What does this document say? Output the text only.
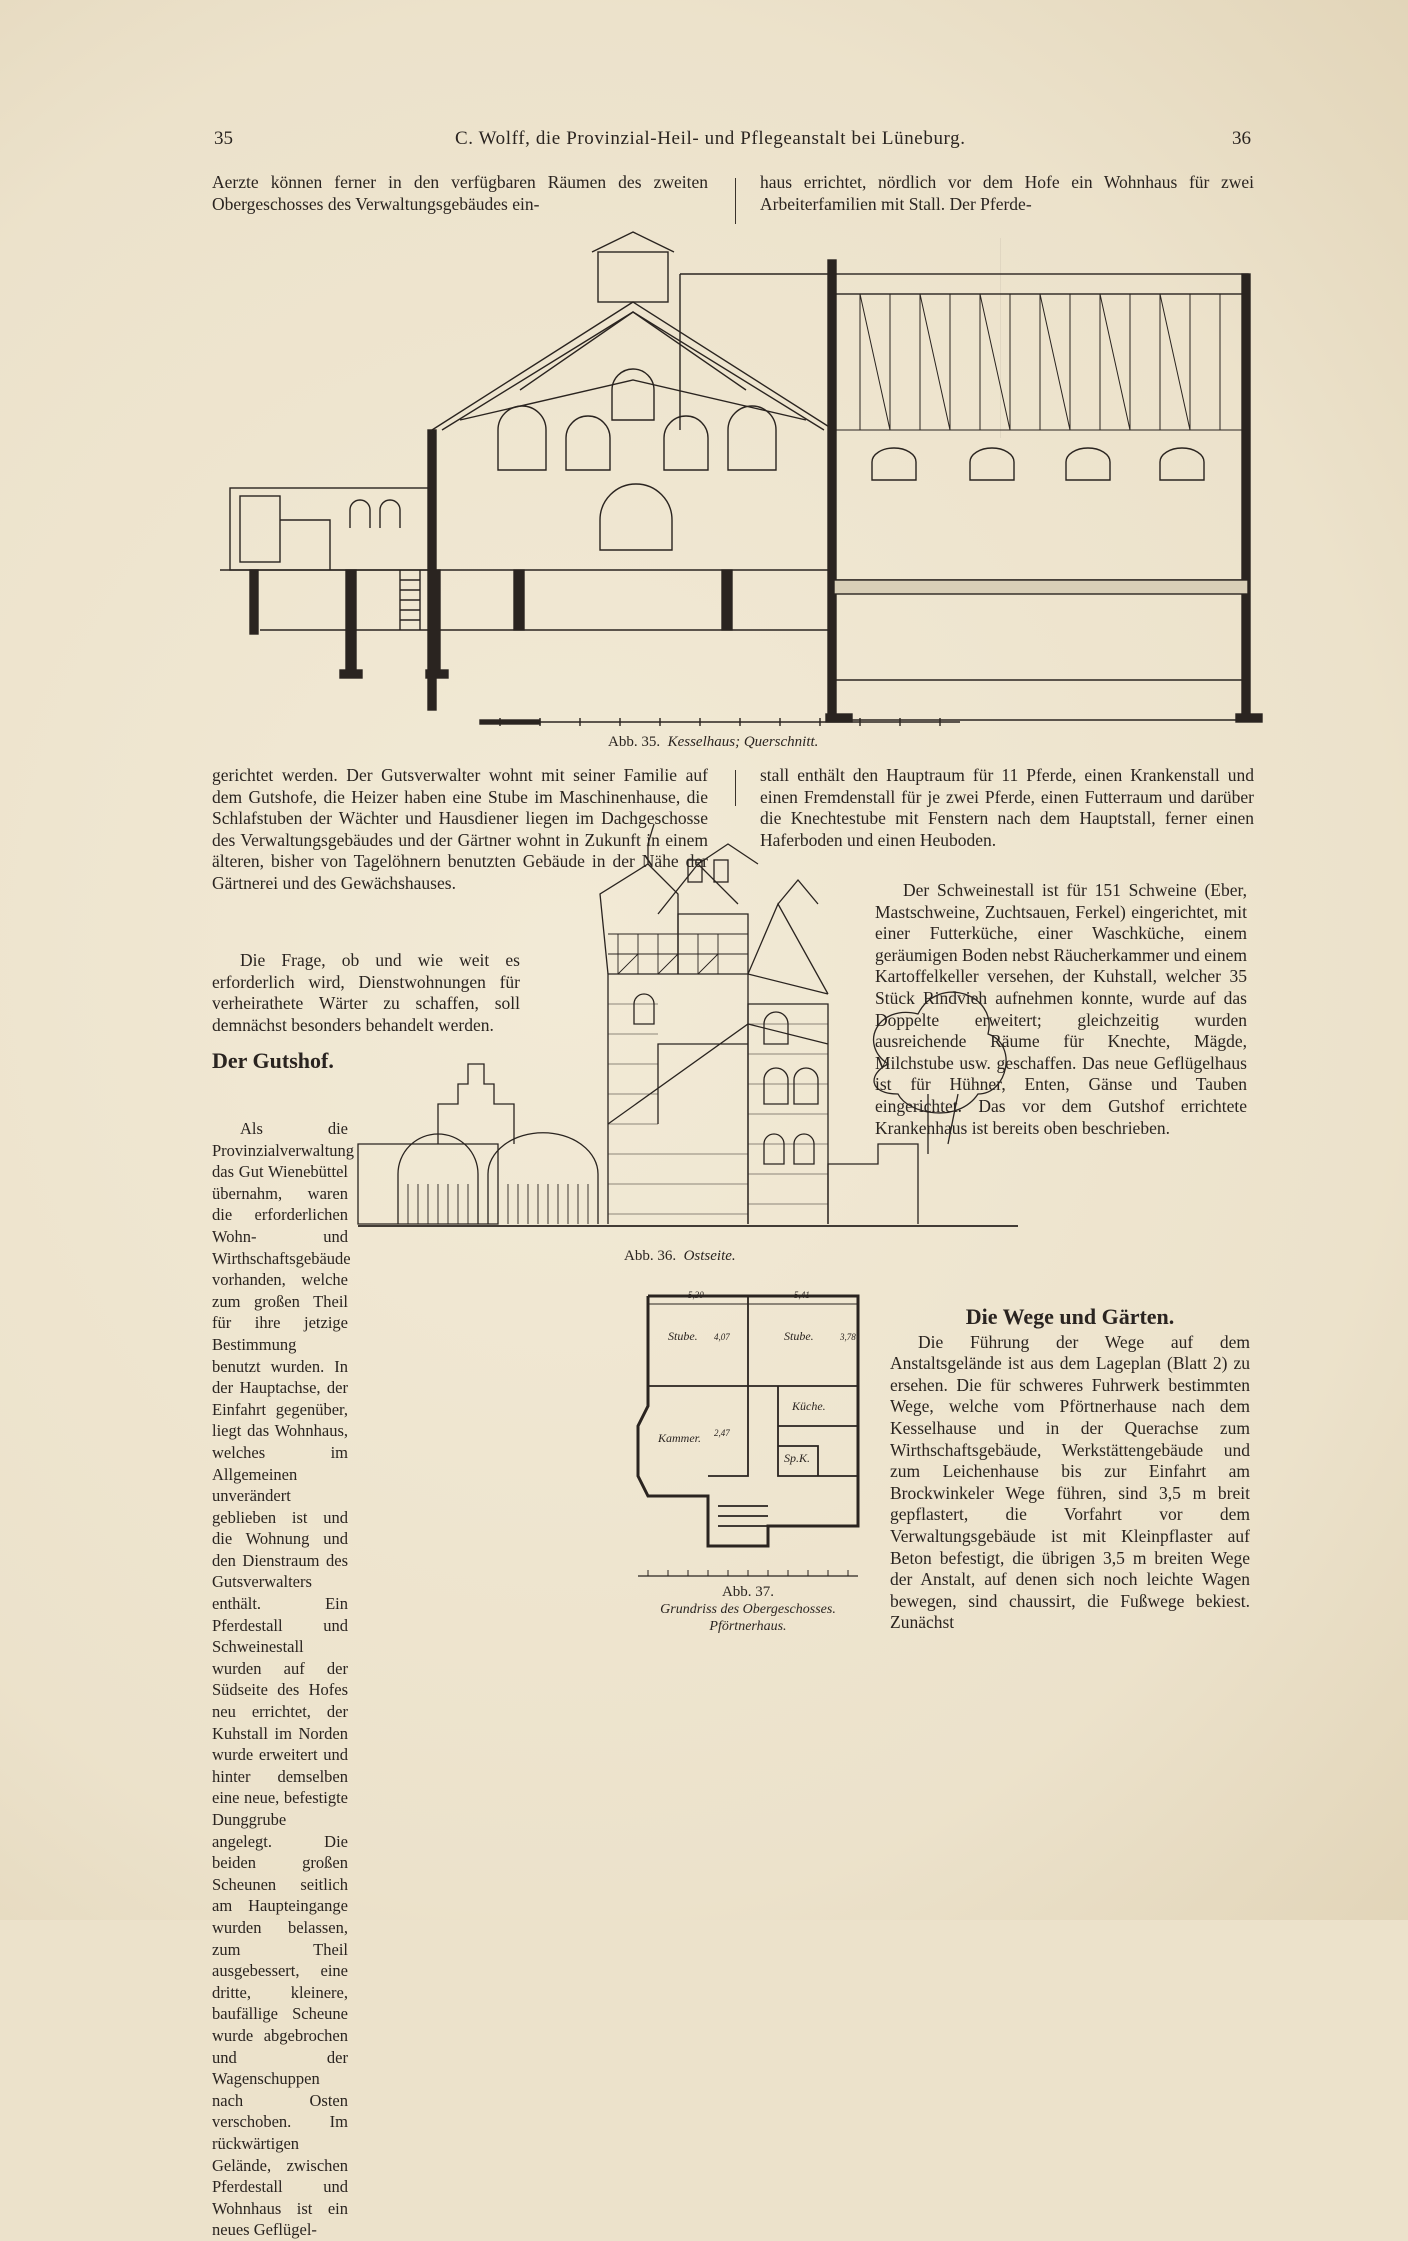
35	C. Wolff, die Provinzial-Heil- und Pflegeanstalt bei Lüneburg.	36

Aerzte können ferner in den verfügbaren Räumen des zweiten Obergeschosses des Verwaltungsgebäudes ein-

haus errichtet, nördlich vor dem Hofe ein Wohnhaus für zwei Arbeiterfamilien mit Stall. Der Pferde-

Abb. 35. Kesselhaus; Querschnitt.

gerichtet werden. Der Gutsverwalter wohnt mit seiner Familie auf dem Gutshofe, die Heizer haben eine Stube im Maschinenhause, die Schlafstuben der Wächter und Hausdiener liegen im Dachgeschosse des Verwaltungsgebäudes und der Gärtner wohnt in Zukunft in einem älteren, bisher von Tagelöhnern benutzten Gebäude in der Nähe der Gärtnerei und des Gewächshauses.

stall enthält den Hauptraum für 11 Pferde, einen Krankenstall und einen Fremdenstall für je zwei Pferde, einen Futterraum und darüber die Knechtestube mit Fenstern nach dem Hauptstall, ferner einen Haferboden und einen Heuboden.

Die Frage, ob und wie weit es erforderlich wird, Dienstwohnungen für verheirathete Wärter zu schaffen, soll demnächst besonders behandelt werden.

Der Gutshof.

Als die Provinzialverwaltung das Gut Wienebüttel übernahm, waren die erforderlichen Wohn- und Wirthschaftsgebäude vorhanden, welche zum großen Theil für ihre jetzige Bestimmung benutzt wurden. In der Hauptachse, der Einfahrt gegenüber, liegt das Wohnhaus, welches im Allgemeinen unverändert geblieben ist und die Wohnung und den Dienstraum des Gutsverwalters enthält. Ein Pferdestall und Schweinestall wurden auf der Südseite des Hofes neu errichtet, der Kuhstall im Norden wurde erweitert und hinter demselben eine neue, befestigte Dunggrube angelegt. Die beiden großen Scheunen seitlich am Haupteingange wurden belassen, zum Theil ausgebessert, eine dritte, kleinere, baufällige Scheune wurde abgebrochen und der Wagenschuppen nach Osten verschoben. Im rückwärtigen Gelände, zwischen Pferdestall und Wohnhaus ist ein neues Geflügel-

Abb. 36. Ostseite.

Der Schweinestall ist für 151 Schweine (Eber, Mastschweine, Zuchtsauen, Ferkel) eingerichtet, mit einer Futterküche, einer Waschküche, einem geräumigen Boden nebst Räucherkammer und einem Kartoffelkeller versehen, der Kuhstall, welcher 35 Stück Rindvieh aufnehmen konnte, wurde auf das Doppelte erweitert; gleichzeitig wurden ausreichende Räume für Knechte, Mägde, Milchstube usw. geschaffen. Das neue Geflügelhaus ist für Hühner, Enten, Gänse und Tauben eingerichtet. Das vor dem Gutshof errichtete Krankenhaus ist bereits oben beschrieben.

Die Wege und Gärten.

Die Führung der Wege auf dem Anstaltsgelände ist aus dem Lageplan (Blatt 2) zu ersehen. Die für schweres Fuhrwerk bestimmten Wege, welche vom Pförtnerhause nach dem Kesselhause und in der Querachse zum Wirthschaftsgebäude, Werkstättengebäude und zum Leichenhause bis zur Einfahrt am Brockwinkeler Wege führen, sind 3,5 m breit gepflastert, die Vorfahrt vor dem Verwaltungsgebäude ist mit Kleinpflaster auf Beton befestigt, die übrigen 3,5 m breiten Wege der Anstalt, auf denen sich noch leichte Wagen bewegen, sind chaussirt, die Fußwege bekiest. Zunächst

Stube.	Stube.
Küche.
Kammer.
Sp.K.
5,30	5,41
3,78
4,07
2,47
Abb. 37.
Grundriss des Obergeschosses.
Pförtnerhaus.
